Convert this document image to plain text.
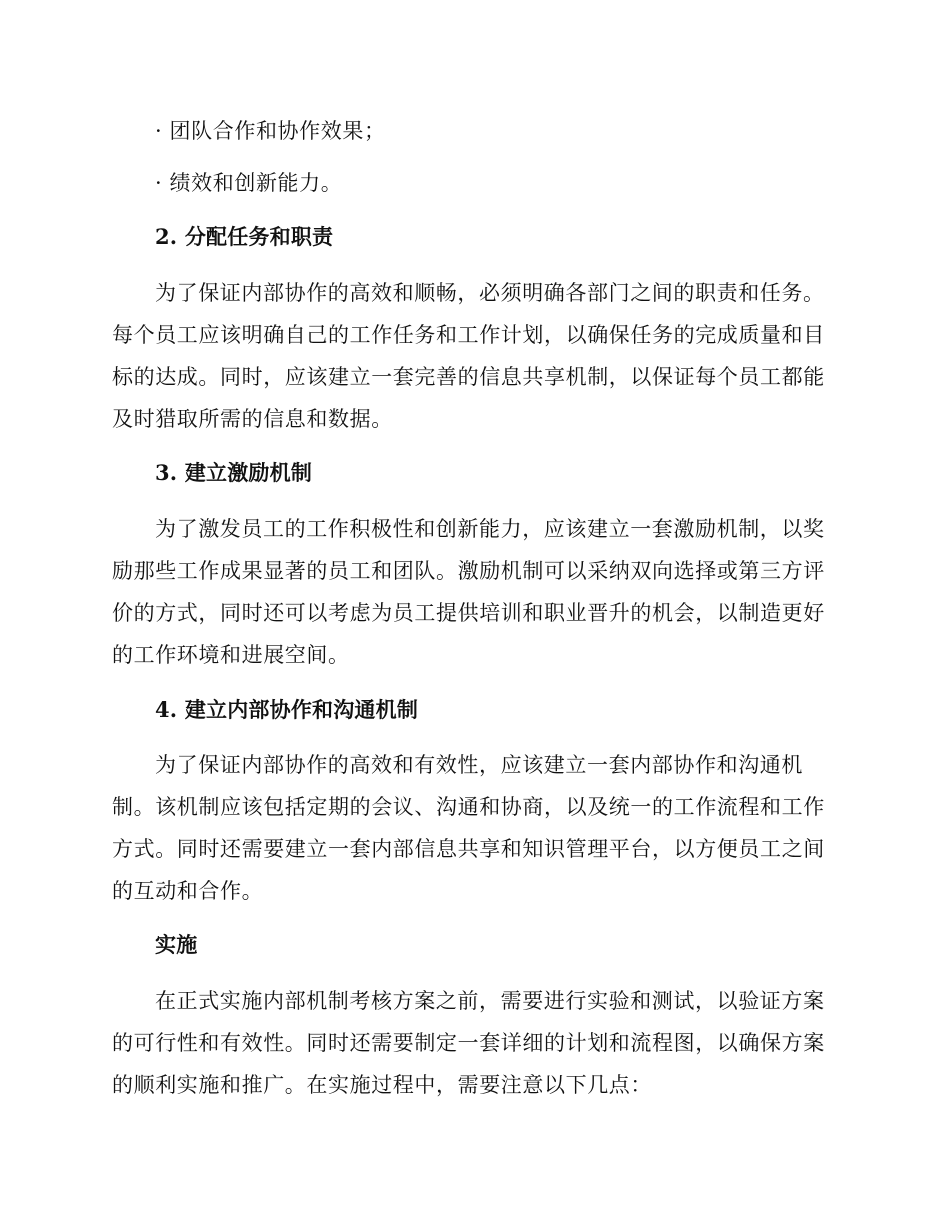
· 团队合作和协作效果；
· 绩效和创新能力。
2. 分配任务和职责
为了保证内部协作的高效和顺畅，必须明确各部门之间的职责和任务。
每个员工应该明确自己的工作任务和工作计划，以确保任务的完成质量和目
标的达成。同时，应该建立一套完善的信息共享机制，以保证每个员工都能
及时猎取所需的信息和数据。
3. 建立激励机制
为了激发员工的工作积极性和创新能力，应该建立一套激励机制，以奖
励那些工作成果显著的员工和团队。激励机制可以采纳双向选择或第三方评
价的方式，同时还可以考虑为员工提供培训和职业晋升的机会，以制造更好
的工作环境和进展空间。
4. 建立内部协作和沟通机制
为了保证内部协作的高效和有效性，应该建立一套内部协作和沟通机
制。该机制应该包括定期的会议、沟通和协商，以及统一的工作流程和工作
方式。同时还需要建立一套内部信息共享和知识管理平台，以方便员工之间
的互动和合作。
实施
在正式实施内部机制考核方案之前，需要进行实验和测试，以验证方案
的可行性和有效性。同时还需要制定一套详细的计划和流程图，以确保方案
的顺利实施和推广。在实施过程中，需要注意以下几点：
